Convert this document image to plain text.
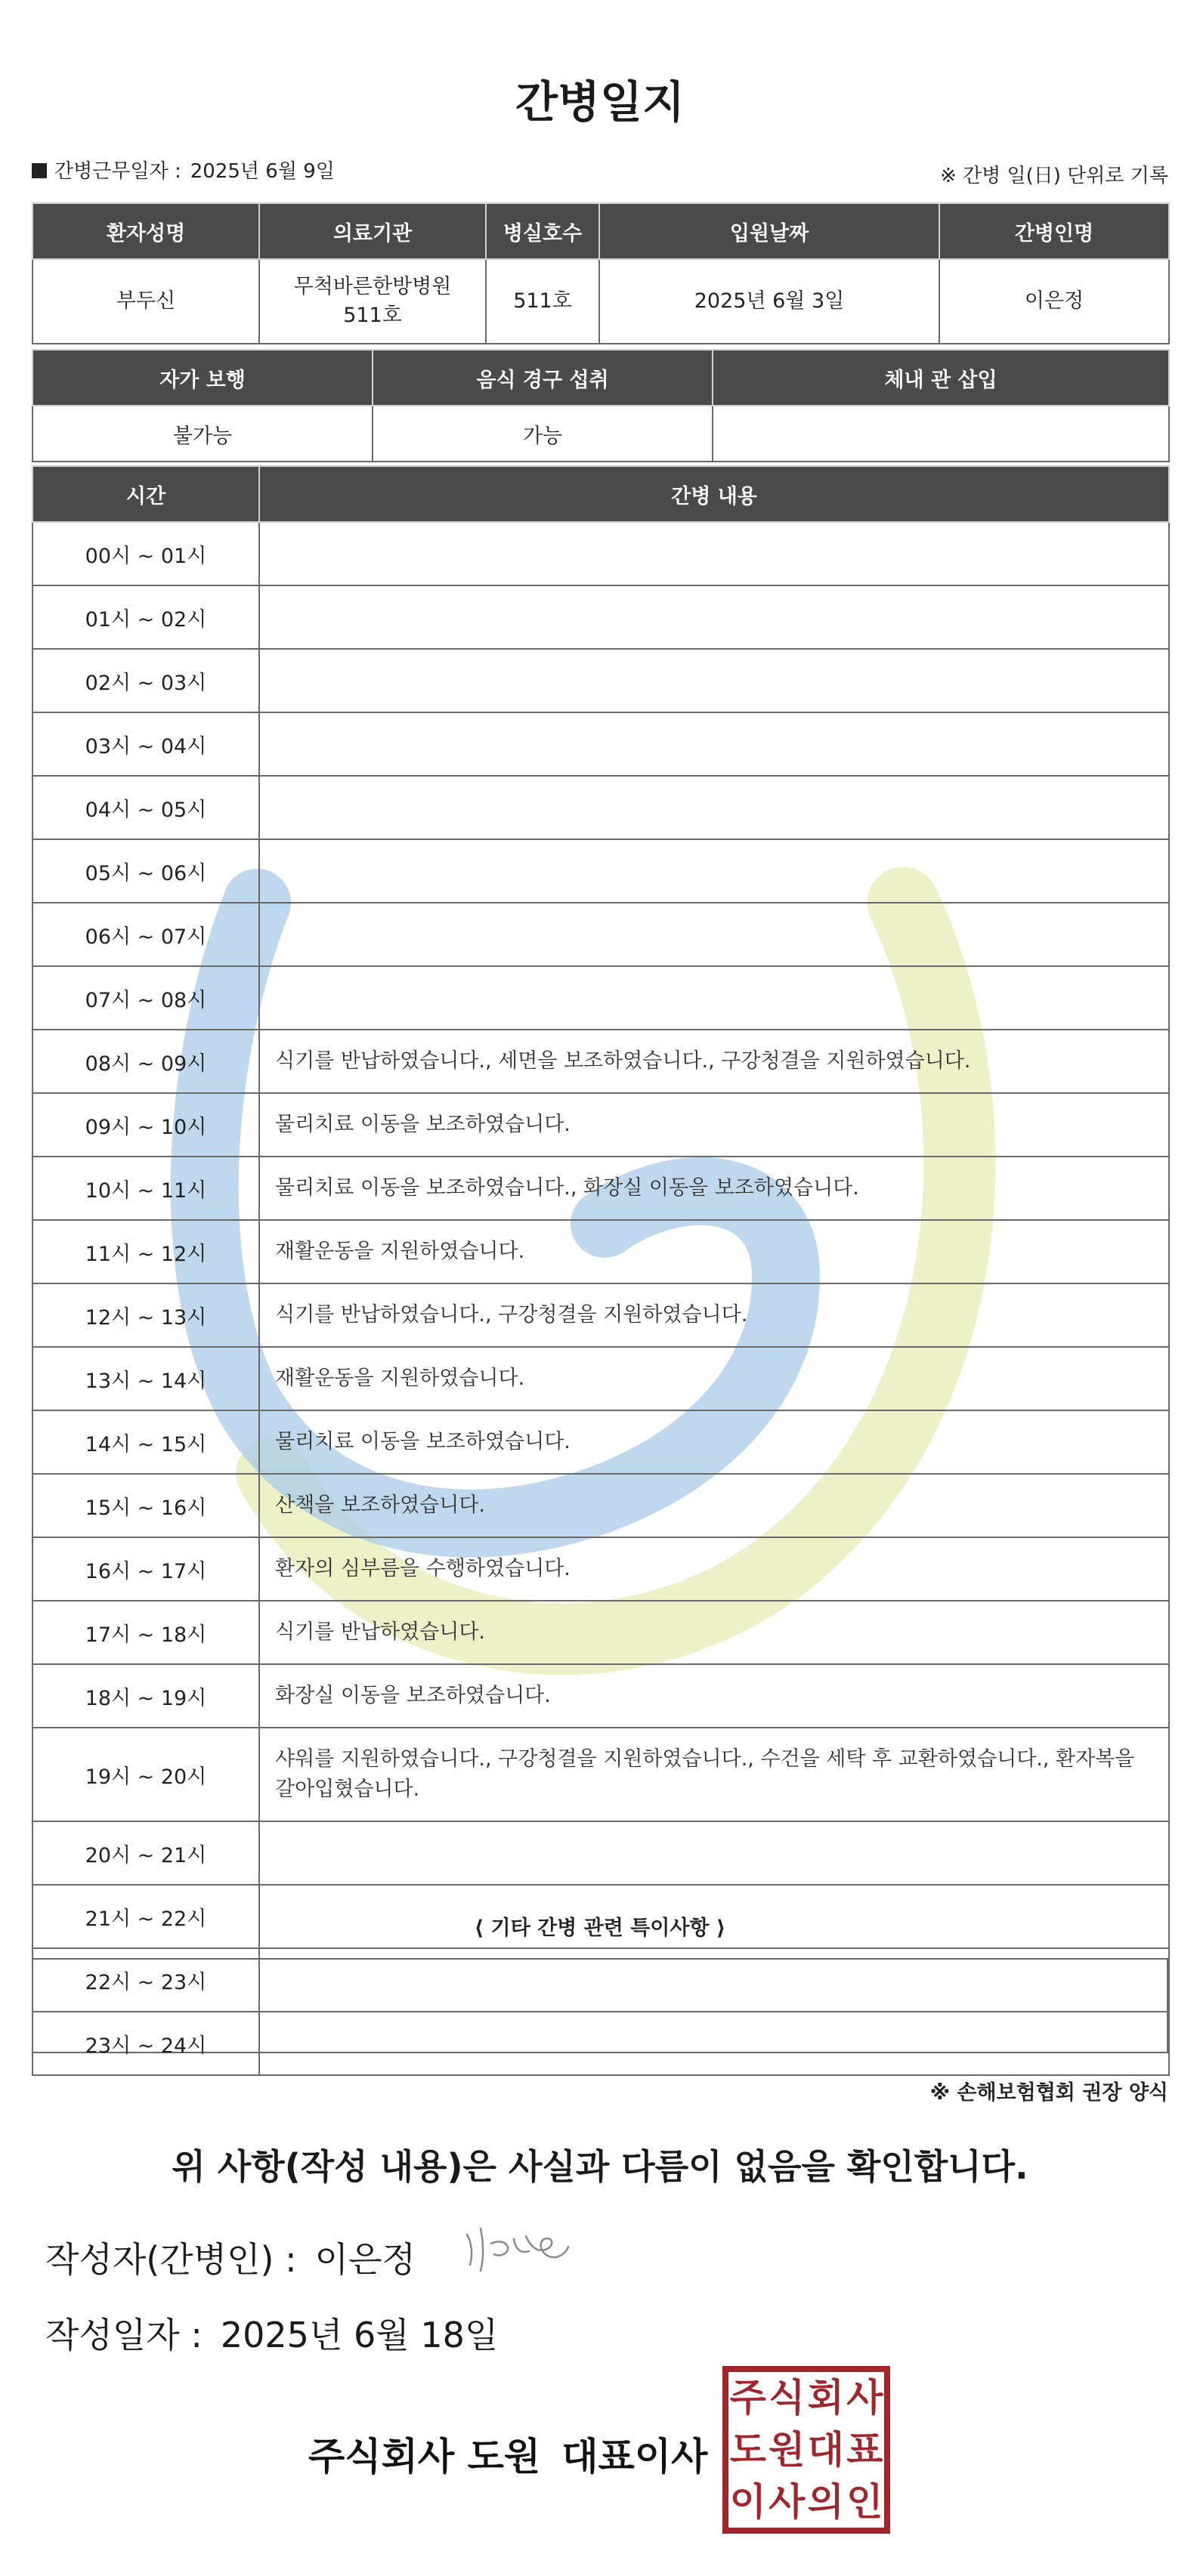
간병일지
간병근무일자 : 2025년 6월 9일	※ 간병 일(日) 단위로 기록
환자성명	의료기관	병실호수	입원날짜	간병인명
부두신	무척바른한방병원 511호	511호	2025년 6월 3일	이은정
자가 보행	음식 경구 섭취	체내 관 삽입
불가능	가능	
시간	간병 내용
00시 ~ 01시	
01시 ~ 02시	
02시 ~ 03시	
03시 ~ 04시	
04시 ~ 05시	
05시 ~ 06시	
06시 ~ 07시	
07시 ~ 08시	
08시 ~ 09시	식기를 반납하였습니다., 세면을 보조하였습니다., 구강청결을 지원하였습니다.
09시 ~ 10시	물리치료 이동을 보조하였습니다.
10시 ~ 11시	물리치료 이동을 보조하였습니다., 화장실 이동을 보조하였습니다.
11시 ~ 12시	재활운동을 지원하였습니다.
12시 ~ 13시	식기를 반납하였습니다., 구강청결을 지원하였습니다.
13시 ~ 14시	재활운동을 지원하였습니다.
14시 ~ 15시	물리치료 이동을 보조하였습니다.
15시 ~ 16시	산책을 보조하였습니다.
16시 ~ 17시	환자의 심부름을 수행하였습니다.
17시 ~ 18시	식기를 반납하였습니다.
18시 ~ 19시	화장실 이동을 보조하였습니다.
19시 ~ 20시	샤워를 지원하였습니다., 구강청결을 지원하였습니다., 수건을 세탁 후 교환하였습니다., 환자복을 갈아입혔습니다.
20시 ~ 21시	
21시 ~ 22시	
22시 ~ 23시	
23시 ~ 24시	
⟨ 기타 간병 관련 특이사항 ⟩
※ 손해보험협회 권장 양식
위 사항(작성 내용)은 사실과 다름이 없음을 확인합니다.
작성자(간병인) : 이은정
작성일자 : 2025년 6월 18일
주식회사 도원 대표이사
주 식 회 사
도 원 대 표
이 사 의 인
